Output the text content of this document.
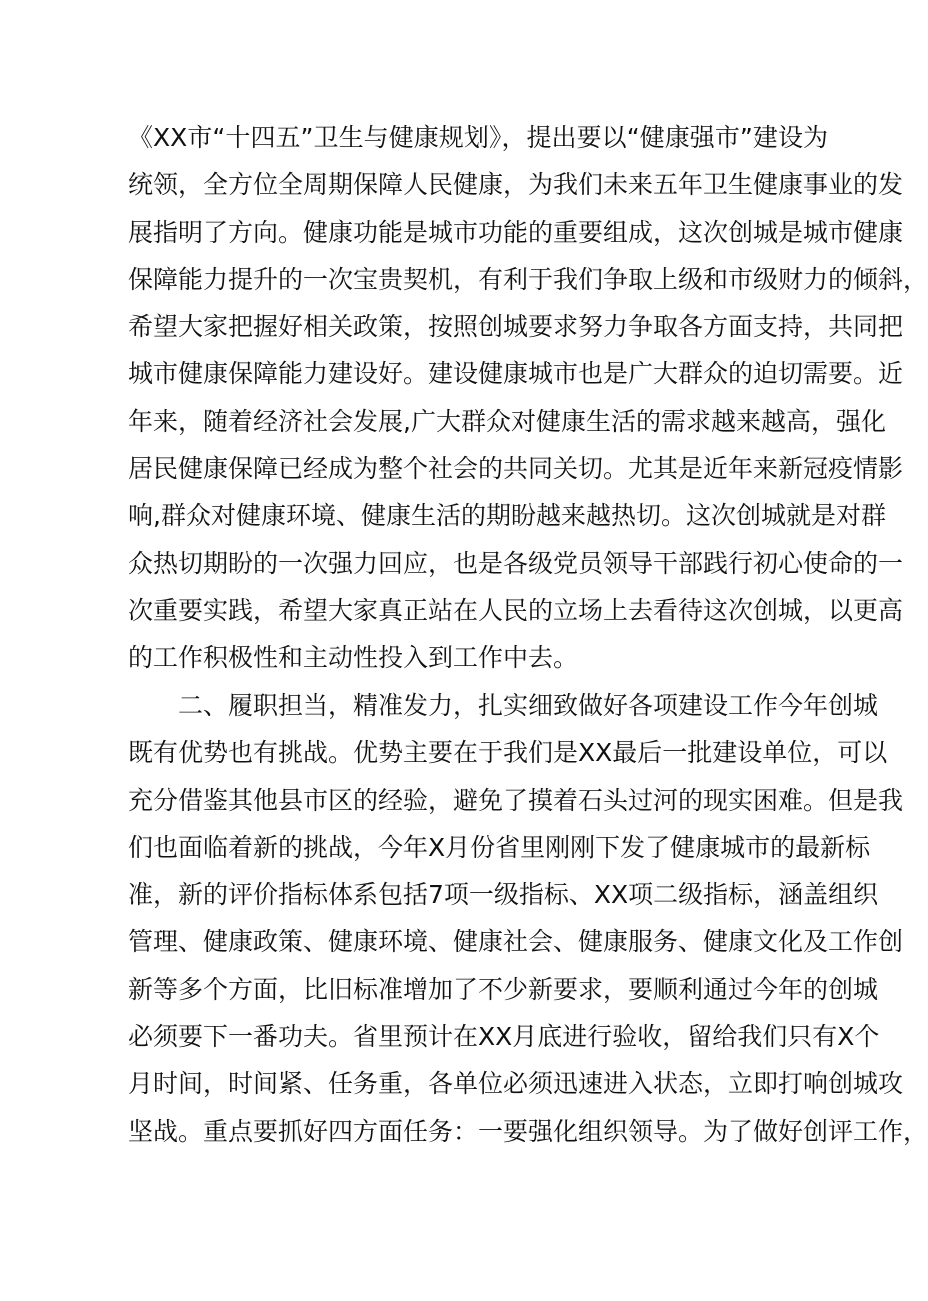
《XX市“十四五”卫生与健康规划》，提出要以“健康强市”建设为
统领，全方位全周期保障人民健康，为我们未来五年卫生健康事业的发
展指明了方向。健康功能是城市功能的重要组成，这次创城是城市健康
保障能力提升的一次宝贵契机，有利于我们争取上级和市级财力的倾斜，
希望大家把握好相关政策，按照创城要求努力争取各方面支持，共同把
城市健康保障能力建设好。建设健康城市也是广大群众的迫切需要。近
年来，随着经济社会发展,广大群众对健康生活的需求越来越高，强化
居民健康保障已经成为整个社会的共同关切。尤其是近年来新冠疫情影
响,群众对健康环境、健康生活的期盼越来越热切。这次创城就是对群
众热切期盼的一次强力回应，也是各级党员领导干部践行初心使命的一
次重要实践，希望大家真正站在人民的立场上去看待这次创城，以更高
的工作积极性和主动性投入到工作中去。
二、履职担当，精准发力，扎实细致做好各项建设工作今年创城
既有优势也有挑战。优势主要在于我们是XX最后一批建设单位，可以
充分借鉴其他县市区的经验，避免了摸着石头过河的现实困难。但是我
们也面临着新的挑战，今年X月份省里刚刚下发了健康城市的最新标
准，新的评价指标体系包括7项一级指标、XX项二级指标，涵盖组织
管理、健康政策、健康环境、健康社会、健康服务、健康文化及工作创
新等多个方面，比旧标准增加了不少新要求，要顺利通过今年的创城
必须要下一番功夫。省里预计在XX月底进行验收，留给我们只有X个
月时间，时间紧、任务重，各单位必须迅速进入状态，立即打响创城攻
坚战。重点要抓好四方面任务：一要强化组织领导。为了做好创评工作，
